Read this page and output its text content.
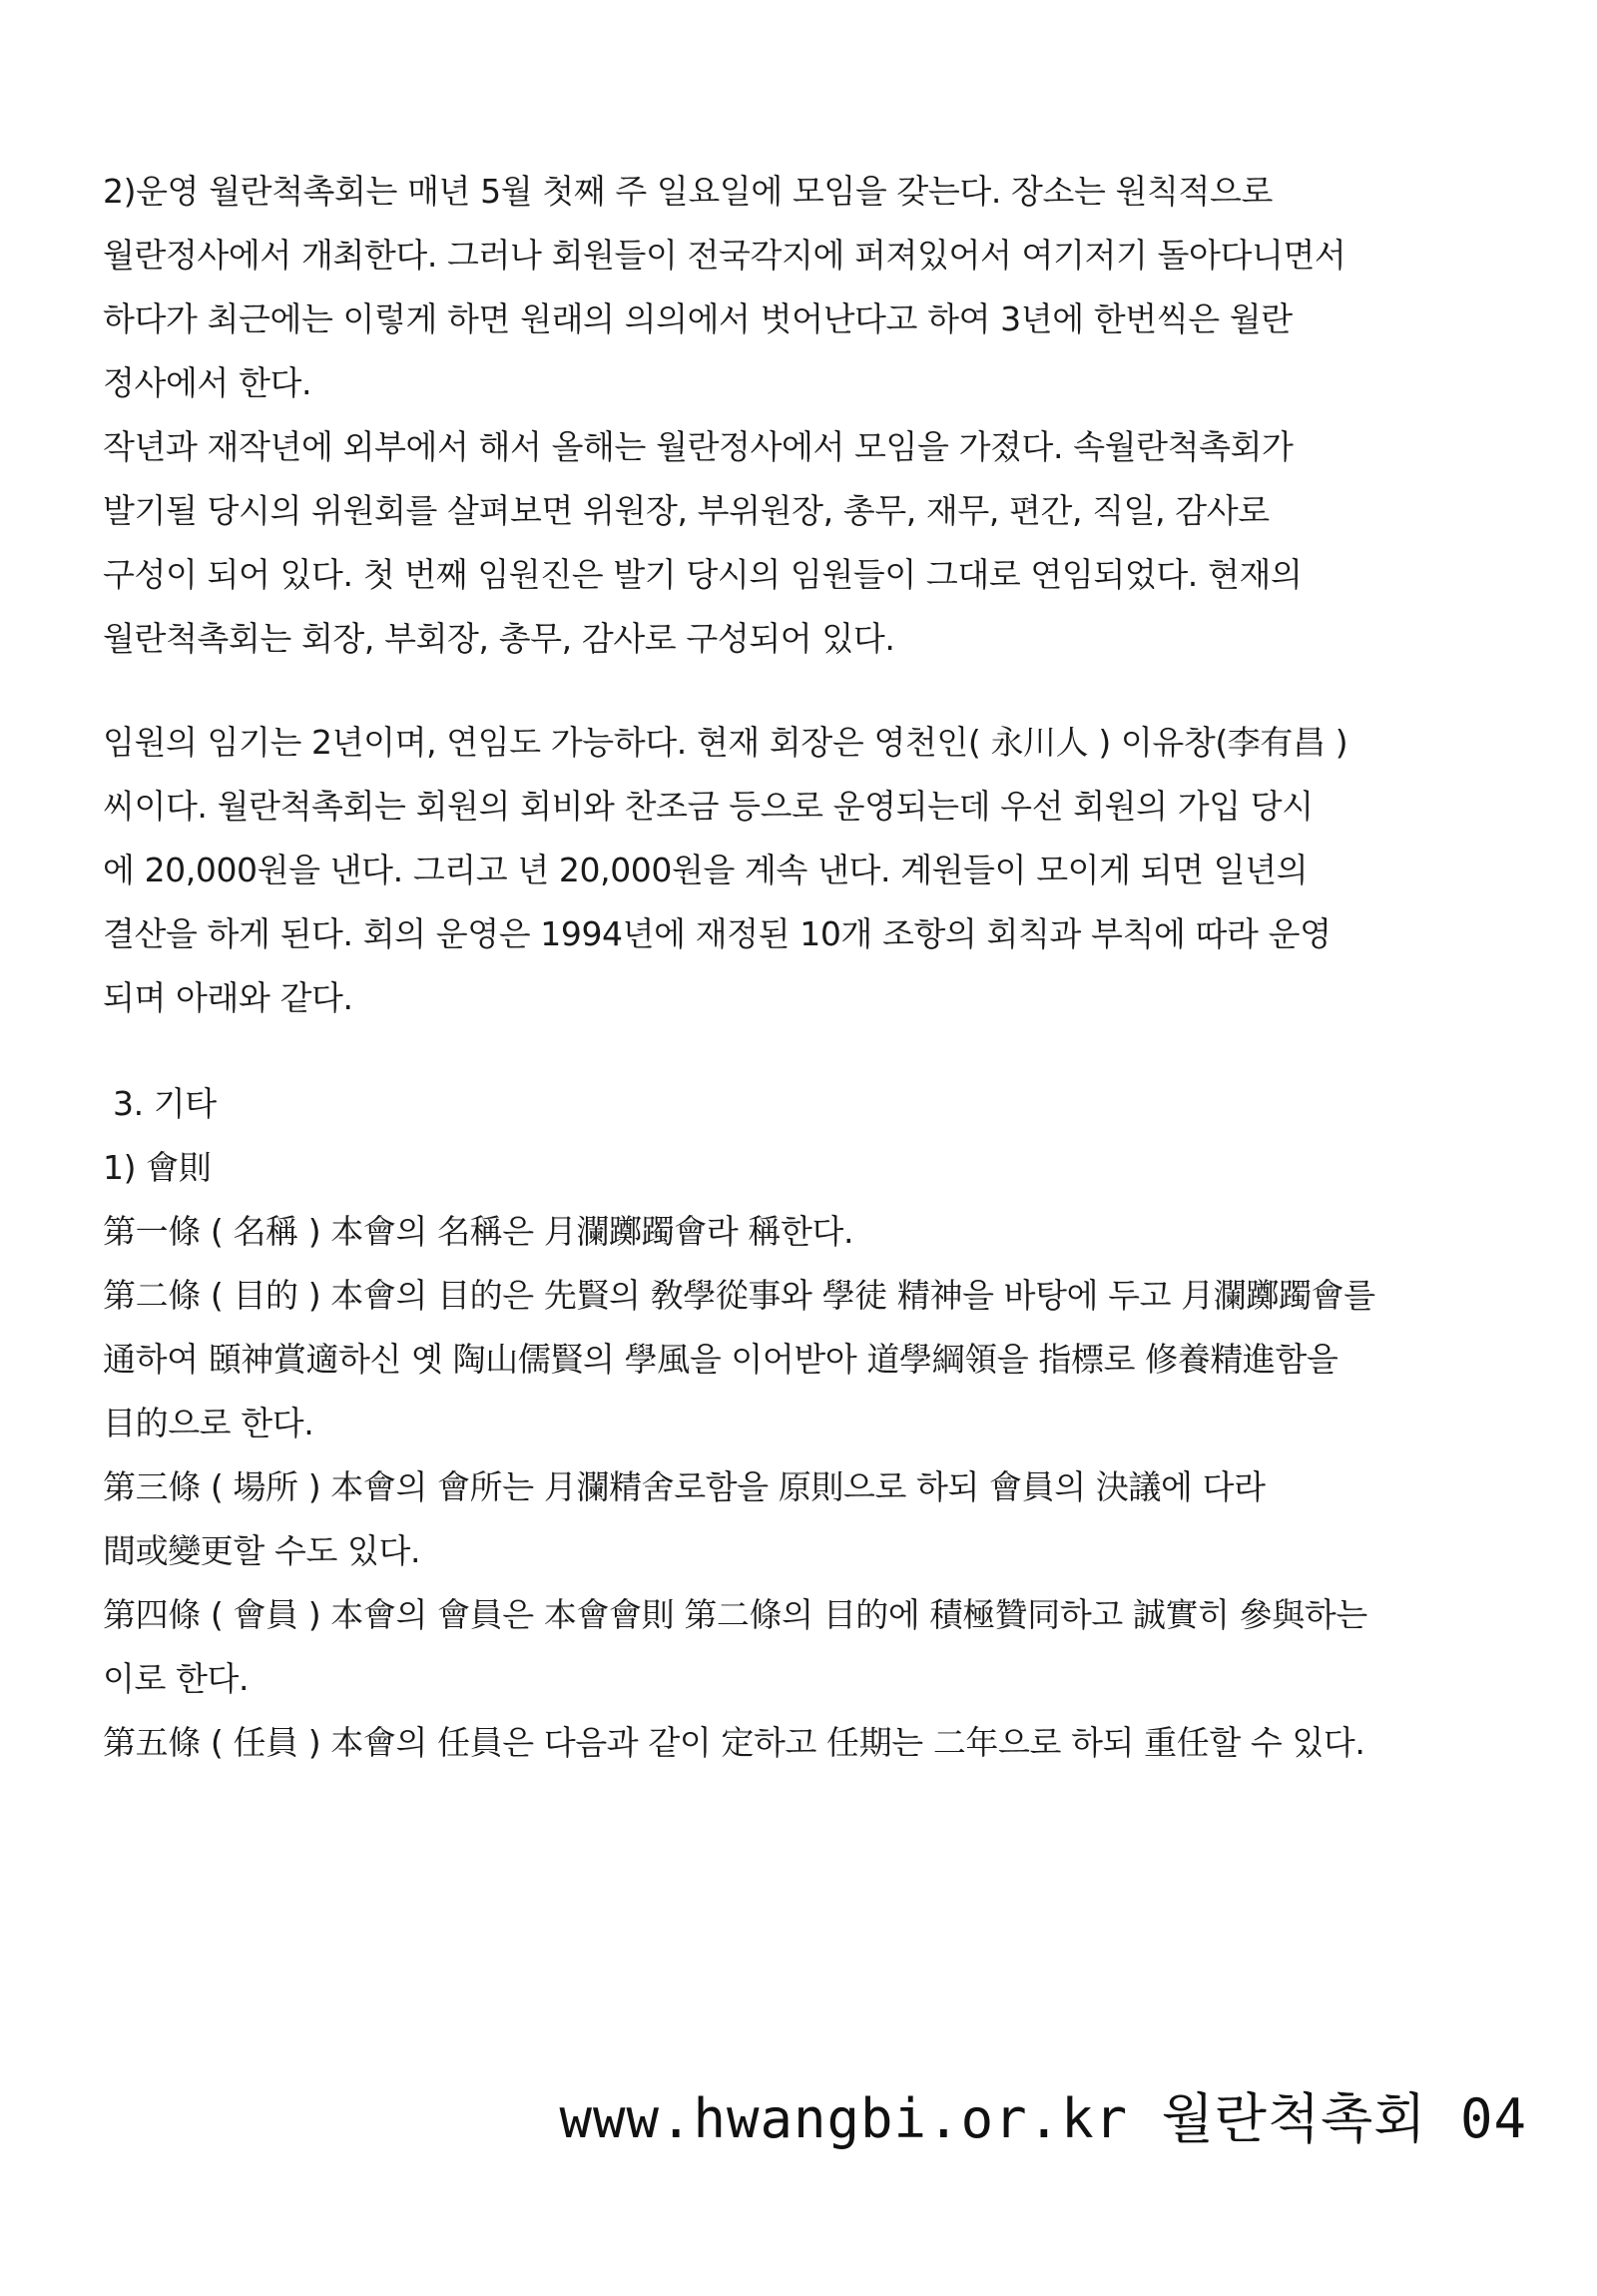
2)운영 월란척촉회는 매년 5월 첫째 주 일요일에 모임을 갖는다. 장소는 원칙적으로
월란정사에서 개최한다. 그러나 회원들이 전국각지에 퍼져있어서 여기저기 돌아다니면서
하다가 최근에는 이렇게 하면 원래의 의의에서 벗어난다고 하여 3년에 한번씩은 월란
정사에서 한다.
작년과 재작년에 외부에서 해서 올해는 월란정사에서 모임을 가졌다. 속월란척촉회가
발기될 당시의 위원회를 살펴보면 위원장, 부위원장, 총무, 재무, 편간, 직일, 감사로
구성이 되어 있다. 첫 번째 임원진은 발기 당시의 임원들이 그대로 연임되었다. 현재의
월란척촉회는 회장, 부회장, 총무, 감사로 구성되어 있다.
임원의 임기는 2년이며, 연임도 가능하다. 현재 회장은 영천인( 永川人 ) 이유창(李有昌 )
씨이다. 월란척촉회는 회원의 회비와 찬조금 등으로 운영되는데 우선 회원의 가입 당시
에 20,000원을 낸다. 그리고 년 20,000원을 계속 낸다. 계원들이 모이게 되면 일년의
결산을 하게 된다. 회의 운영은 1994년에 재정된 10개 조항의 회칙과 부칙에 따라 운영
되며 아래와 같다.
3. 기타
1) 會則
第一條 ( 名稱 ) 本會의 名稱은 月瀾躑躅會라 稱한다.
第二條 ( 目的 ) 本會의 目的은 先賢의 敎學從事와 學徒 精神을 바탕에 두고 月瀾躑躅會를
通하여 頣神賞適하신 옛 陶山儒賢의 學風을 이어받아 道學綱領을 指標로 修養精進함을
目的으로 한다.
第三條 ( 場所 ) 本會의 會所는 月瀾精舍로함을 原則으로 하되 會員의 決議에 다라
間或變更할 수도 있다.
第四條 ( 會員 ) 本會의 會員은 本會會則 第二條의 目的에 積極贊同하고 誠實히 參與하는
이로 한다.
第五條 ( 任員 ) 本會의 任員은 다음과 같이 定하고 任期는 二年으로 하되 重任할 수 있다.
www.hwangbi.or.kr 월란척촉회 04
